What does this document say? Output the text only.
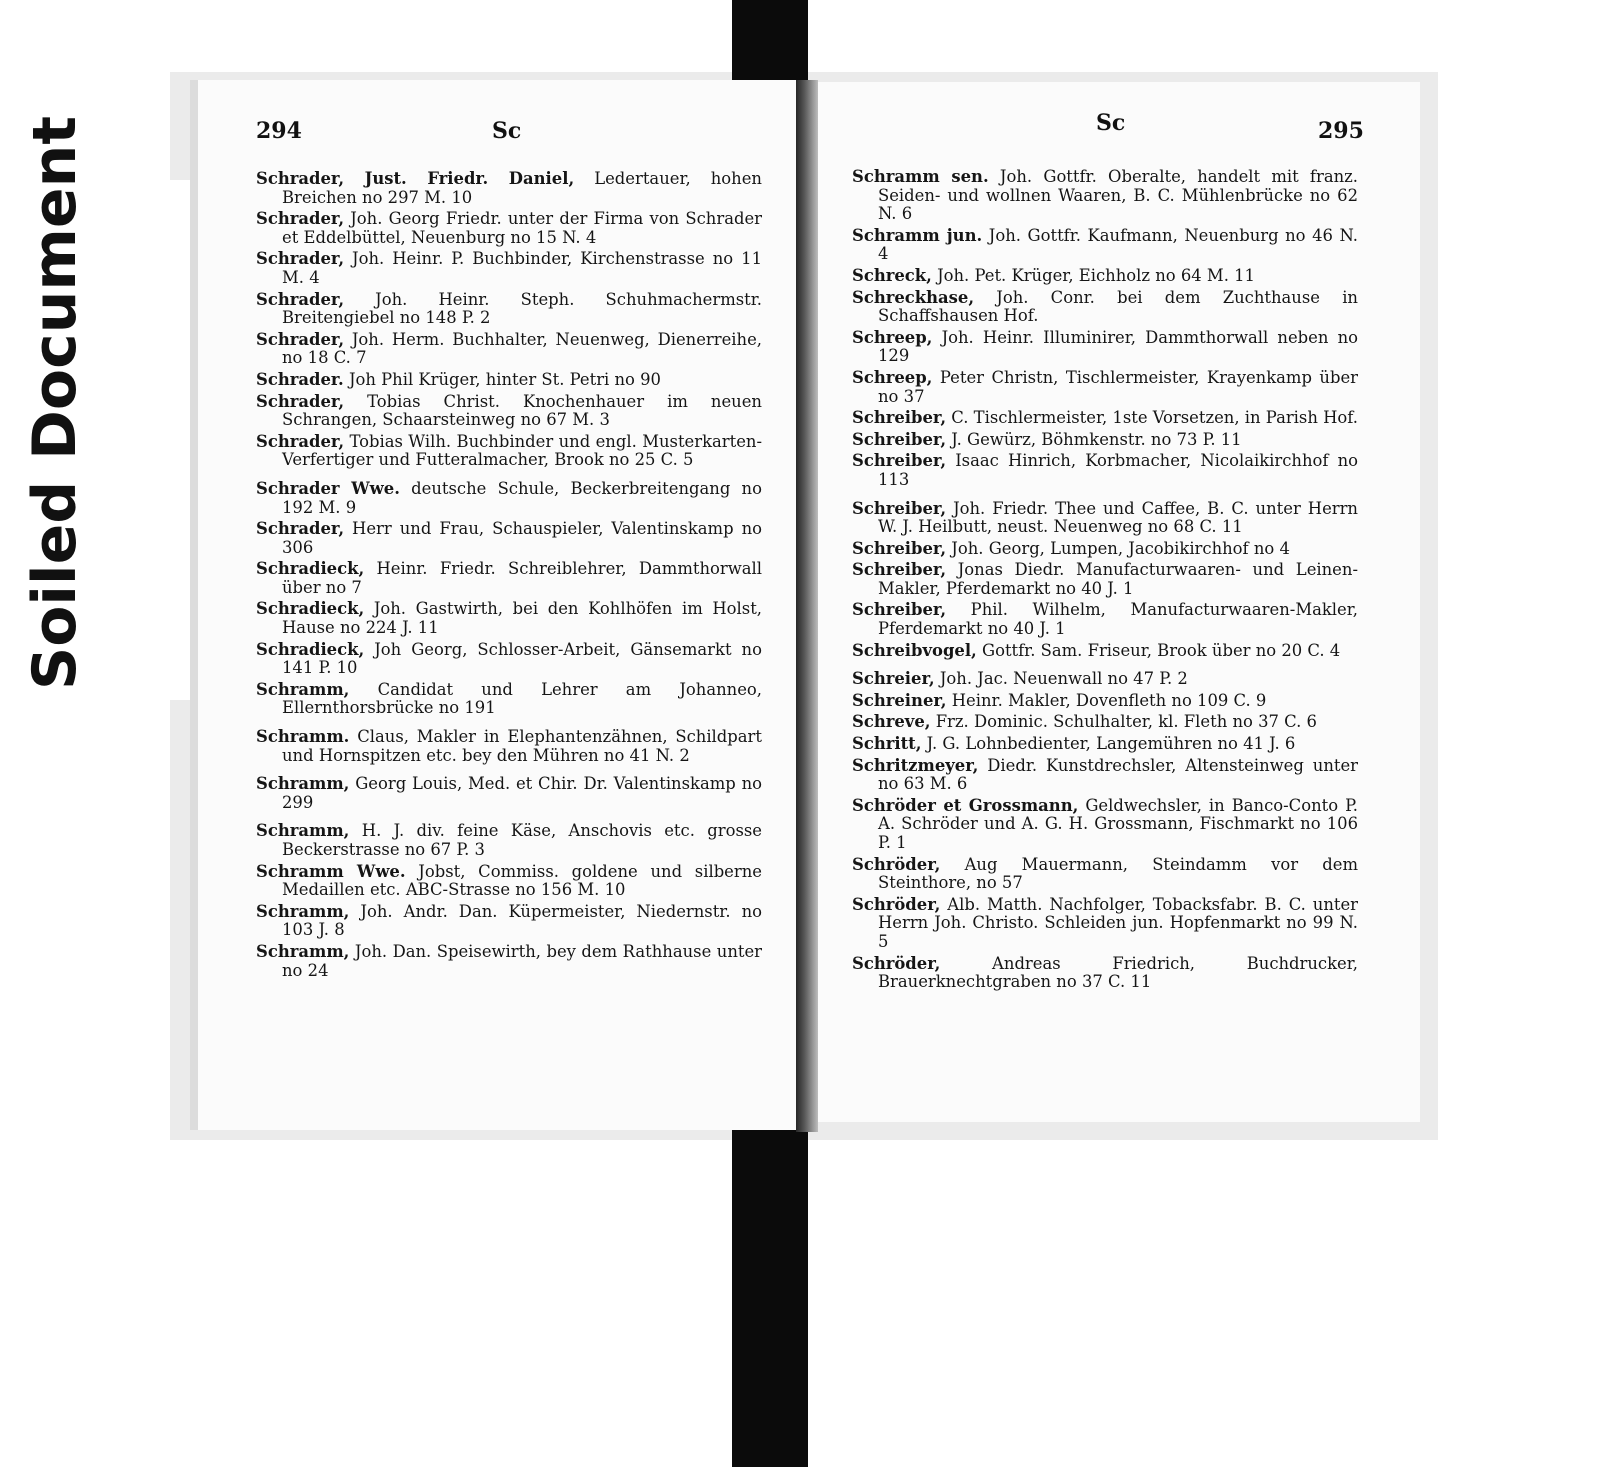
Soiled Document	294	Sc	Sc	295

Schrader, Just. Friedr. Daniel, Ledertauer, hohen Breichen no 297 M. 10

Schrader, Joh. Georg Friedr. unter der Firma von Schrader et Eddelbüttel, Neuenburg no 15 N. 4

Schrader, Joh. Heinr. P. Buchbinder, Kirchenstrasse no 11 M. 4

Schrader, Joh. Heinr. Steph. Schuhmachermstr. Breitengiebel no 148 P. 2

Schrader, Joh. Herm. Buchhalter, Neuenweg, Dienerreihe, no 18 C. 7

Schrader. Joh Phil Krüger, hinter St. Petri no 90

Schrader, Tobias Christ. Knochenhauer im neuen Schrangen, Schaarsteinweg no 67 M. 3

Schrader, Tobias Wilh. Buchbinder und engl. Musterkarten-Verfertiger und Futteralmacher, Brook no 25 C. 5

Schrader Wwe. deutsche Schule, Beckerbreitengang no 192 M. 9

Schrader, Herr und Frau, Schauspieler, Valentinskamp no 306

Schradieck, Heinr. Friedr. Schreiblehrer, Dammthorwall über no 7

Schradieck, Joh. Gastwirth, bei den Kohlhöfen im Holst, Hause no 224 J. 11

Schradieck, Joh Georg, Schlosser-Arbeit, Gänsemarkt no 141 P. 10

Schramm, Candidat und Lehrer am Johanneo, Ellernthorsbrücke no 191

Schramm. Claus, Makler in Elephantenzähnen, Schildpart und Hornspitzen etc. bey den Mühren no 41 N. 2

Schramm, Georg Louis, Med. et Chir. Dr. Valentinskamp no 299

Schramm, H. J. div. feine Käse, Anschovis etc. grosse Beckerstrasse no 67 P. 3

Schramm Wwe. Jobst, Commiss. goldene und silberne Medaillen etc. ABC-Strasse no 156 M. 10

Schramm, Joh. Andr. Dan. Küpermeister, Niedernstr. no 103 J. 8

Schramm, Joh. Dan. Speisewirth, bey dem Rathhause unter no 24

Schramm sen. Joh. Gottfr. Oberalte, handelt mit franz. Seiden- und wollnen Waaren, B. C. Mühlenbrücke no 62 N. 6

Schramm jun. Joh. Gottfr. Kaufmann, Neuenburg no 46 N. 4

Schreck, Joh. Pet. Krüger, Eichholz no 64 M. 11

Schreckhase, Joh. Conr. bei dem Zuchthause in Schaffshausen Hof.

Schreep, Joh. Heinr. Illuminirer, Dammthorwall neben no 129

Schreep, Peter Christn, Tischlermeister, Krayenkamp über no 37

Schreiber, C. Tischlermeister, 1ste Vorsetzen, in Parish Hof.

Schreiber, J. Gewürz, Böhmkenstr. no 73 P. 11

Schreiber, Isaac Hinrich, Korbmacher, Nicolaikirchhof no 113

Schreiber, Joh. Friedr. Thee und Caffee, B. C. unter Herrn W. J. Heilbutt, neust. Neuenweg no 68 C. 11

Schreiber, Joh. Georg, Lumpen, Jacobikirchhof no 4

Schreiber, Jonas Diedr. Manufacturwaaren- und Leinen-Makler, Pferdemarkt no 40 J. 1

Schreiber, Phil. Wilhelm, Manufacturwaaren-Makler, Pferdemarkt no 40 J. 1

Schreibvogel, Gottfr. Sam. Friseur, Brook über no 20 C. 4

Schreier, Joh. Jac. Neuenwall no 47 P. 2

Schreiner, Heinr. Makler, Dovenfleth no 109 C. 9

Schreve, Frz. Dominic. Schulhalter, kl. Fleth no 37 C. 6

Schritt, J. G. Lohnbedienter, Langemühren no 41 J. 6

Schritzmeyer, Diedr. Kunstdrechsler, Altensteinweg unter no 63 M. 6

Schröder et Grossmann, Geldwechsler, in Banco-Conto P. A. Schröder und A. G. H. Grossmann, Fischmarkt no 106 P. 1

Schröder, Aug Mauermann, Steindamm vor dem Steinthore, no 57

Schröder, Alb. Matth. Nachfolger, Tobacksfabr. B. C. unter Herrn Joh. Christo. Schleiden jun. Hopfenmarkt no 99 N. 5

Schröder,	Andreas Friedrich, Buchdrucker, Brauerknechtgraben no 37 C. 11
